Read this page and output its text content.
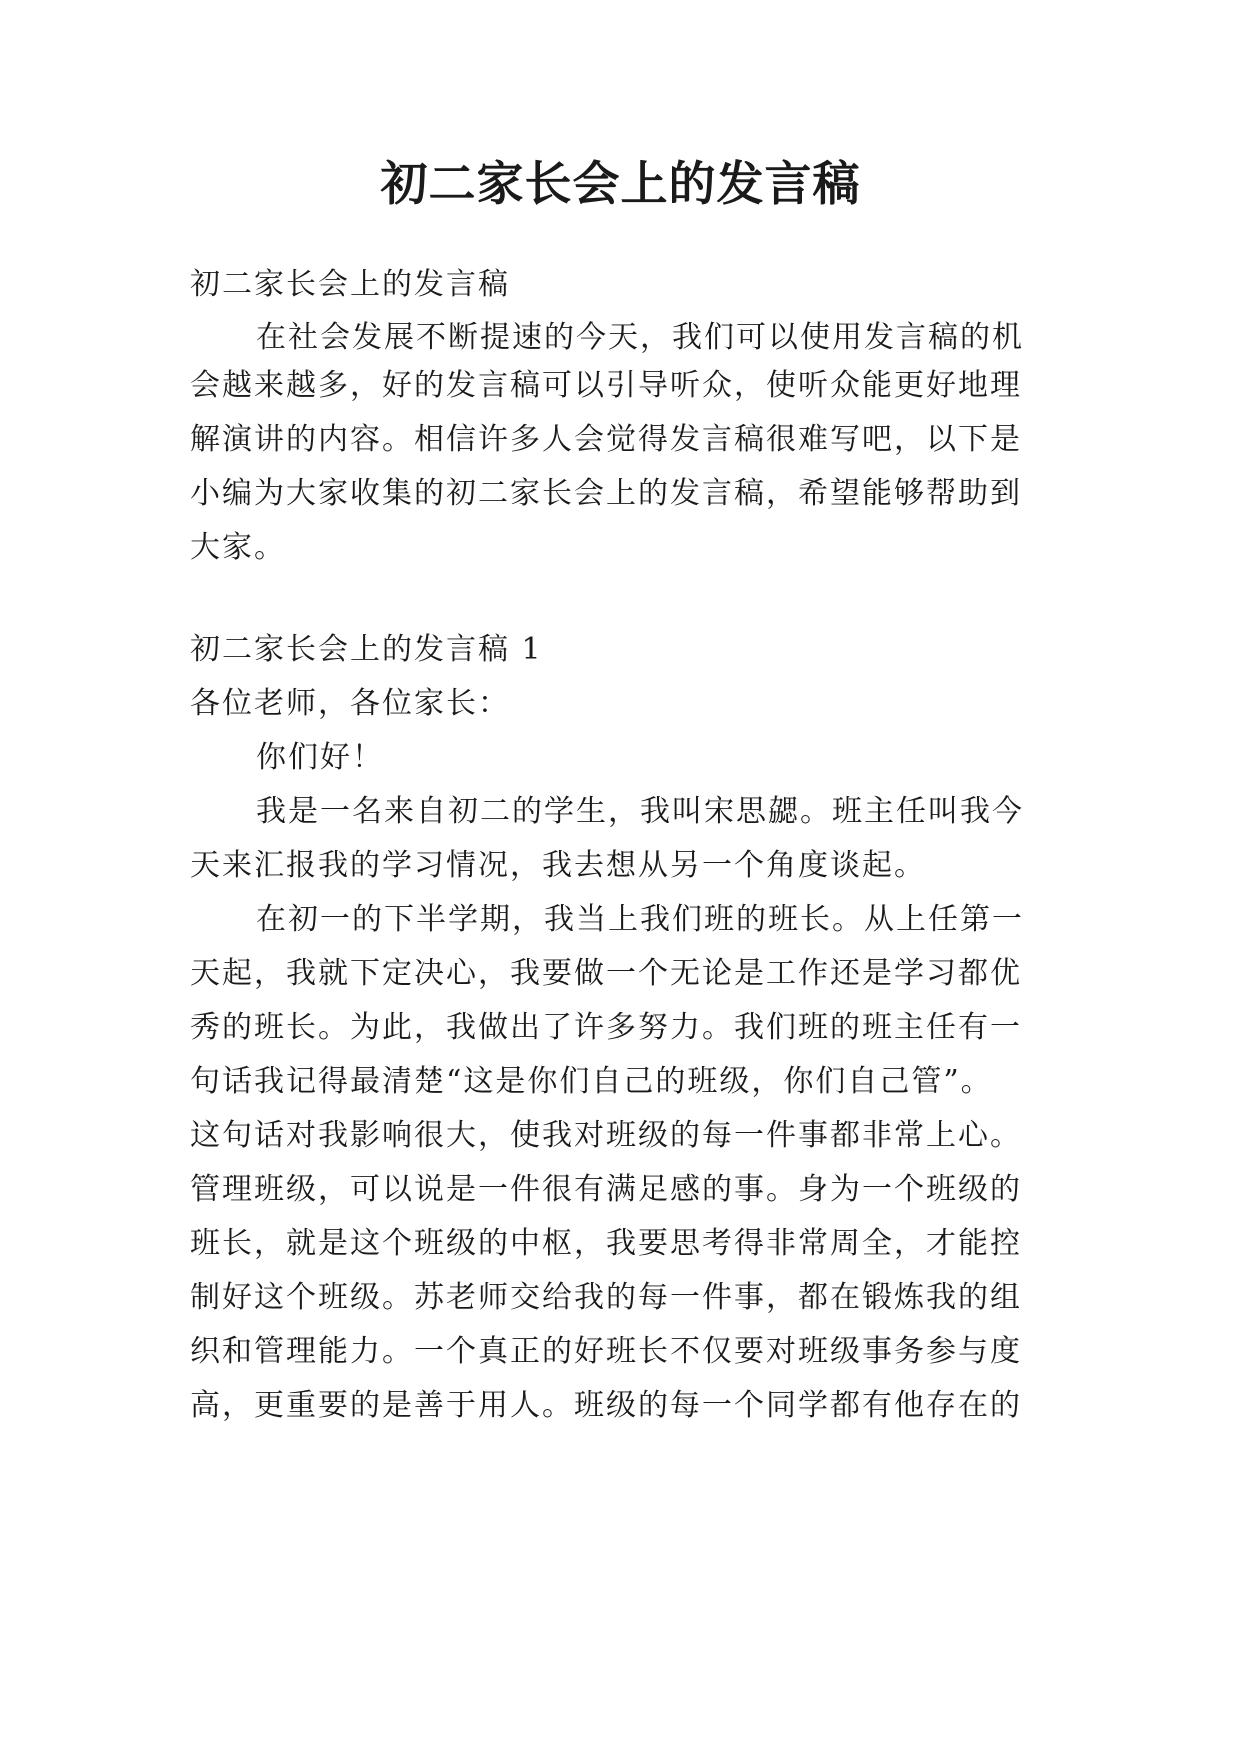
初二家长会上的发言稿

初二家长会上的发言稿

在社会发展不断提速的今天，我们可以使用发言稿的机

会越来越多，好的发言稿可以引导听众，使听众能更好地理

解演讲的内容。相信许多人会觉得发言稿很难写吧，以下是

小编为大家收集的初二家长会上的发言稿，希望能够帮助到

大家。

初二家长会上的发言稿 1

各位老师，各位家长：

你们好！

我是一名来自初二的学生，我叫宋思勰。班主任叫我今

天来汇报我的学习情况，我去想从另一个角度谈起。

在初一的下半学期，我当上我们班的班长。从上任第一

天起，我就下定决心，我要做一个无论是工作还是学习都优

秀的班长。为此，我做出了许多努力。我们班的班主任有一

句话我记得最清楚“这是你们自己的班级，你们自己管”。

这句话对我影响很大，使我对班级的每一件事都非常上心。

管理班级，可以说是一件很有满足感的事。身为一个班级的

班长，就是这个班级的中枢，我要思考得非常周全，才能控

制好这个班级。苏老师交给我的每一件事，都在锻炼我的组

织和管理能力。一个真正的好班长不仅要对班级事务参与度

高，更重要的是善于用人。班级的每一个同学都有他存在的
